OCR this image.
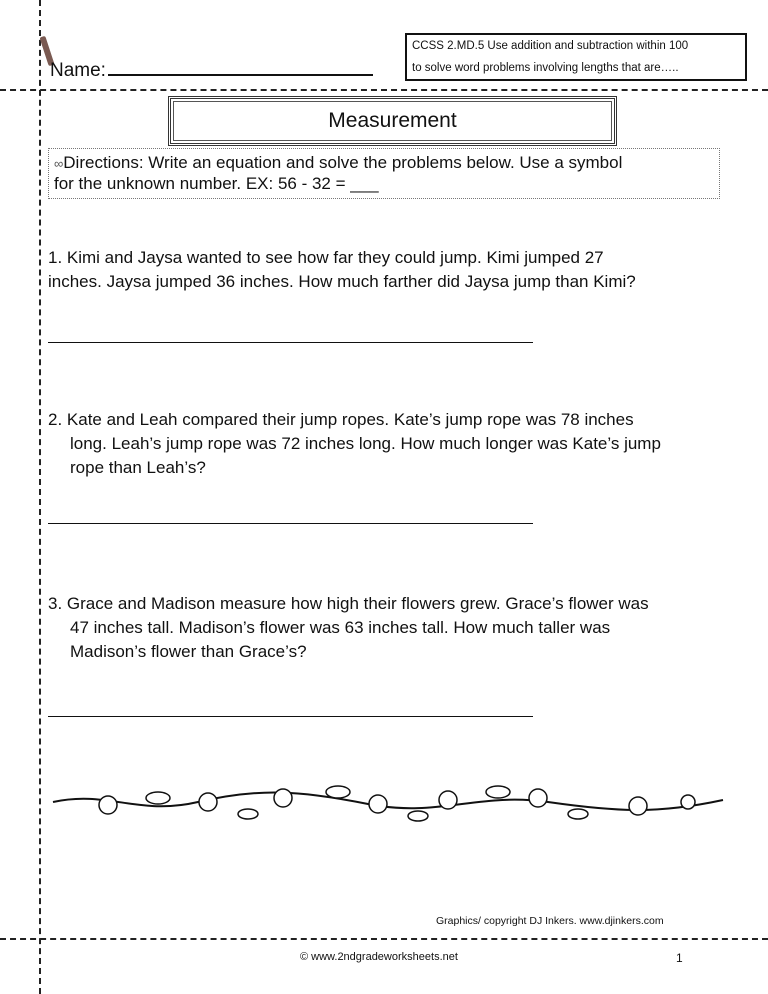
Name:
CCSS 2.MD.5 Use addition and subtraction within 100
to solve word problems involving lengths that are…..
Measurement
∞Directions: Write an equation and solve the problems below. Use a symbol
for the unknown number. EX: 56 - 32 = ___
1. Kimi and Jaysa wanted to see how far they could jump. Kimi jumped 27
inches. Jaysa jumped 36 inches. How much farther did Jaysa jump than Kimi?
2. Kate and Leah compared their jump ropes. Kate’s jump rope was 78 inches
long. Leah’s jump rope was 72 inches long. How much longer was Kate’s jump
rope than Leah’s?
3. Grace and Madison measure how high their flowers grew. Grace’s flower was
47 inches tall. Madison’s flower was 63 inches tall. How much taller was
Madison’s flower than Grace’s?
Graphics/ copyright DJ Inkers. www.djinkers.com
© www.2ndgradeworksheets.net	1
